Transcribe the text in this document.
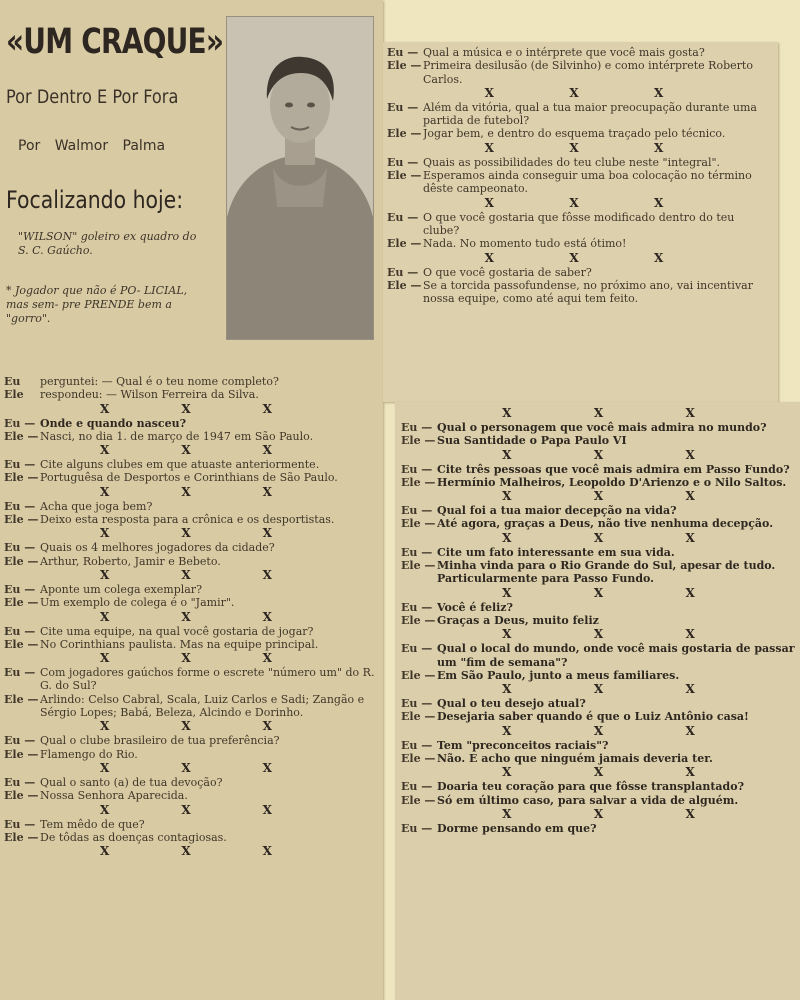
«UM CRAQUE»
Por Dentro E Por Fora
Por Walmor Palma
Focalizando hoje:
"WILSON" goleiro ex quadro do S. C. Gaúcho.
* Jogador que não é PO- LICIAL, mas sem- pre PRENDE bem a "gorro".
Eu	perguntei: — Qual é o teu nome completo?
Ele	respondeu: — Wilson Ferreira da Silva.
X	X	X
Eu — Onde e quando nasceu?
Ele — Nasci, no dia 1. de março de 1947 em São Paulo.
X	X	X
Eu — Cite alguns clubes em que atuaste anteriormente.
Ele — Portuguêsa de Desportos e Corinthians de São Paulo.
X	X	X
Eu — Acha que joga bem?
Ele — Deixo esta resposta para a crônica e os desportistas.
X	X	X
Eu — Quais os 4 melhores jogadores da cidade?
Ele — Arthur, Roberto, Jamir e Bebeto.
X	X	X
Eu — Aponte um colega exemplar?
Ele — Um exemplo de colega é o "Jamir".
X	X	X
Eu — Cite uma equipe, na qual você gostaria de jogar?
Ele — No Corinthians paulista. Mas na equipe principal.
X	X	X
Eu — Com jogadores gaúchos forme o escrete "número um" do R. G. do Sul?
Ele — Arlindo: Celso Cabral, Scala, Luiz Carlos e Sadi; Zangão e Sérgio Lopes; Babá, Beleza, Alcindo e Dorinho.
X	X	X
Eu — Qual o clube brasileiro de tua preferência?
Ele — Flamengo do Rio.
X	X	X
Eu — Qual o santo (a) de tua devoção?
Ele — Nossa Senhora Aparecida.
X	X	X
Eu — Tem mêdo de que?
Ele — De tôdas as doenças contagiosas.
X	X	X
Eu — Qual a música e o intérprete que você mais gosta?
Ele — Primeira desilusão (de Silvinho) e como intérprete Roberto Carlos.
X	X	X
Eu — Além da vitória, qual a tua maior preocupação durante uma partida de futebol?
Ele — Jogar bem, e dentro do esquema traçado pelo técnico.
X	X	X
Eu — Quais as possibilidades do teu clube neste "integral".
Ele — Esperamos ainda conseguir uma boa colocação no término dêste campeonato.
X	X	X
Eu — O que você gostaria que fôsse modificado dentro do teu clube?
Ele — Nada. No momento tudo está ótimo!
X	X	X
Eu — O que você gostaria de saber?
Ele — Se a torcida passofundense, no próximo ano, vai incentivar nossa equipe, como até aqui tem feito.
X	X	X
Eu — Qual o personagem que você mais admira no mundo?
Ele — Sua Santidade o Papa Paulo VI
X	X	X
Eu — Cite três pessoas que você mais admira em Passo Fundo?
Ele — Hermínio Malheiros, Leopoldo D'Arienzo e o Nilo Saltos.
X	X	X
Eu — Qual foi a tua maior decepção na vida?
Ele — Até agora, graças a Deus, não tive nenhuma decepção.
X	X	X
Eu — Cite um fato interessante em sua vida.
Ele — Minha vinda para o Rio Grande do Sul, apesar de tudo. Particularmente para Passo Fundo.
X	X	X
Eu — Você é feliz?
Ele — Graças a Deus, muito feliz
X	X	X
Eu — Qual o local do mundo, onde você mais gostaria de passar um "fim de semana"?
Ele — Em São Paulo, junto a meus familiares.
X	X	X
Eu — Qual o teu desejo atual?
Ele — Desejaria saber quando é que o Luiz Antônio casa!
X	X	X
Eu — Tem "preconceitos raciais"?
Ele — Não. E acho que ninguém jamais deveria ter.
X	X	X
Eu — Doaria teu coração para que fôsse transplantado?
Ele — Só em último caso, para salvar a vida de alguém.
X	X	X
Eu — Dorme pensando em que?
